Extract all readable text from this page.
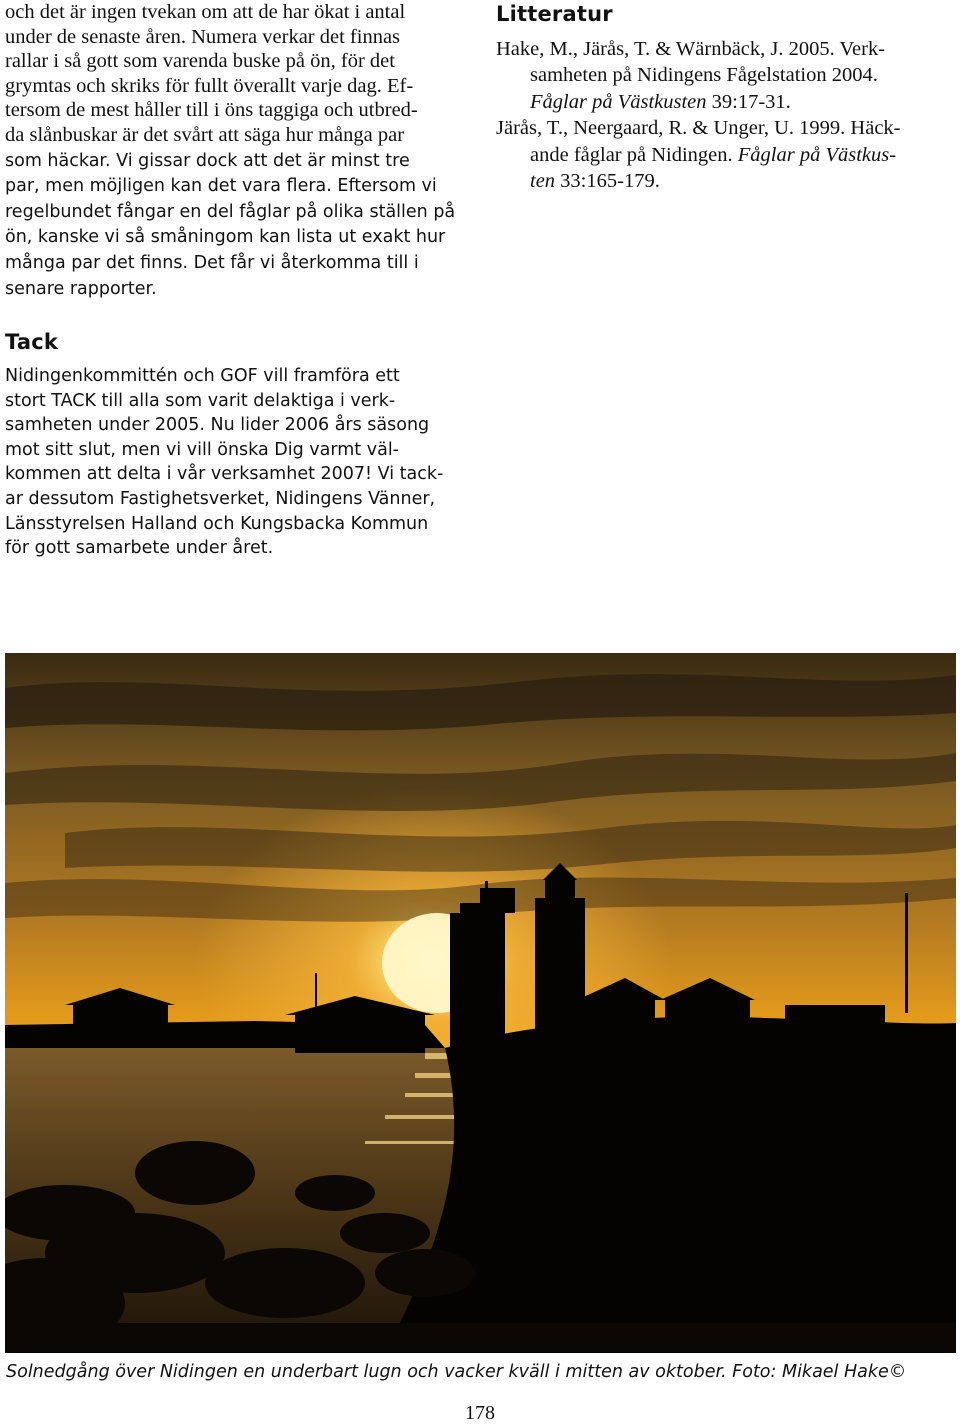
och det är ingen tvekan om att de har ökat i antal
under de senaste åren. Numera verkar det finnas
rallar i så gott som varenda buske på ön, för det
grymtas och skriks för fullt överallt varje dag. Ef-
tersom de mest håller till i öns taggiga och utbred-
da slånbuskar är det svårt att säga hur många par
som häckar. Vi gissar dock att det är minst tre
par, men möjligen kan det vara flera. Eftersom vi
regelbundet fångar en del fåglar på olika ställen på
ön, kanske vi så småningom kan lista ut exakt hur
många par det finns. Det får vi återkomma till i
senare rapporter.

Tack

Nidingenkommittén och GOF vill framföra ett
stort TACK till alla som varit delaktiga i verk-
samheten under 2005. Nu lider 2006 års säsong
mot sitt slut, men vi vill önska Dig varmt väl-
kommen att delta i vår verksamhet 2007! Vi tack-
ar dessutom Fastighetsverket, Nidingens Vänner,
Länsstyrelsen Halland och Kungsbacka Kommun
för gott samarbete under året.

Litteratur
Hake, M., Järås, T. & Wärnbäck, J. 2005. Verk-
samheten på Nidingens Fågelstation 2004.
Fåglar på Västkusten 39:17-31.
Järås, T., Neergaard, R. & Unger, U. 1999. Häck-
ande fåglar på Nidingen. Fåglar på Västkus-
ten 33:165-179.
Solnedgång över Nidingen en underbart lugn och vacker kväll i mitten av oktober. Foto: Mikael Hake©
178
